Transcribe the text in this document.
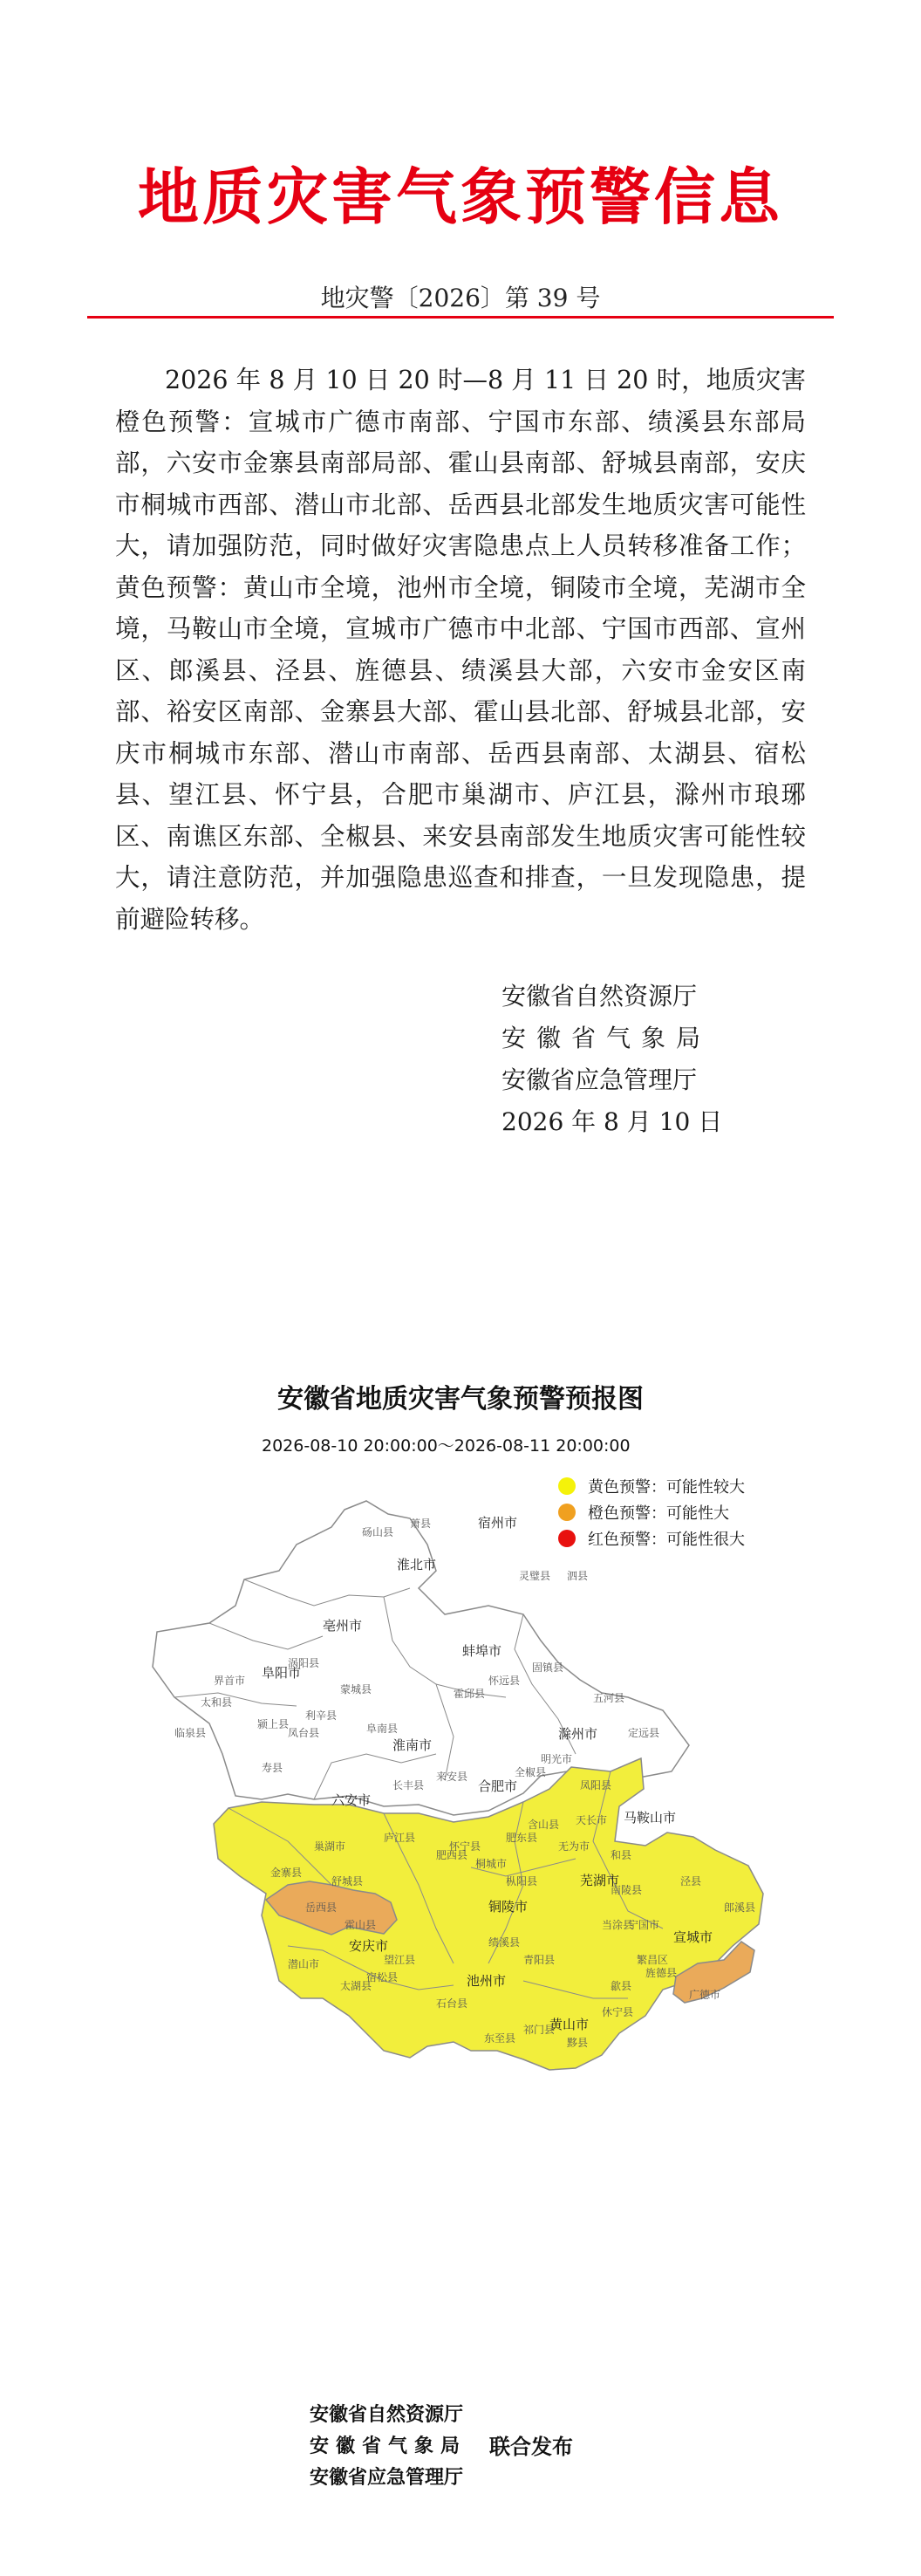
地质灾害气象预警信息
地灾警〔2026〕第 39 号
2026 年 8 月 10 日 20 时—8 月 11 日 20 时，地质灾害橙色预警：宣城市广德市南部、宁国市东部、绩溪县东部局部，六安市金寨县南部局部、霍山县南部、舒城县南部，安庆市桐城市西部、潜山市北部、岳西县北部发生地质灾害可能性大，请加强防范，同时做好灾害隐患点上人员转移准备工作；黄色预警：黄山市全境，池州市全境，铜陵市全境，芜湖市全境，马鞍山市全境，宣城市广德市中北部、宁国市西部、宣州区、郎溪县、泾县、旌德县、绩溪县大部，六安市金安区南部、裕安区南部、金寨县大部、霍山县北部、舒城县北部，安庆市桐城市东部、潜山市南部、岳西县南部、太湖县、宿松县、望江县、怀宁县，合肥市巢湖市、庐江县，滁州市琅琊区、南谯区东部、全椒县、来安县南部发生地质灾害可能性较大，请注意防范，并加强隐患巡查和排查，一旦发现隐患，提前避险转移。
安徽省自然资源厅
安徽省气象局
安徽省应急管理厅
2026 年 8 月 10 日
安徽省地质灾害气象预警预报图
2026-08-10 20:00:00～2026-08-11 20:00:00
黄色预警：可能性较大
橙色预警：可能性大
红色预警：可能性很大
宿州市
淮北市
亳州市
阜阳市
蚌埠市
淮南市
滁州市
六安市
合肥市
马鞍山市
芜湖市
铜陵市
宣城市
安庆市
池州市
黄山市
砀山县
萧县
灵璧县 泗县
涡阳县
蒙城县
利辛县
太和县
临泉县
界首市
颍上县	阜南县
凤台县
寿县
霍邱县
怀远县
固镇县
五河县
明光市
定远县
凤阳县
天长市
来安县	全椒县
长丰县
肥东县
肥西县
庐江县
巢湖市
舒城县
金寨县
霍山县
岳西县
潜山市
太湖县
宿松县
望江县
怀宁县
桐城市
枞阳县
无为市
含山县
和县
当涂县
南陵县
繁昌区
泾县
郎溪县
广德市
宁国市
旌德县
绩溪县
青阳县
石台县
东至县
祁门县
黟县
休宁县
歙县
安徽省自然资源厅
安徽省气象局 联合发布
安徽省应急管理厅
